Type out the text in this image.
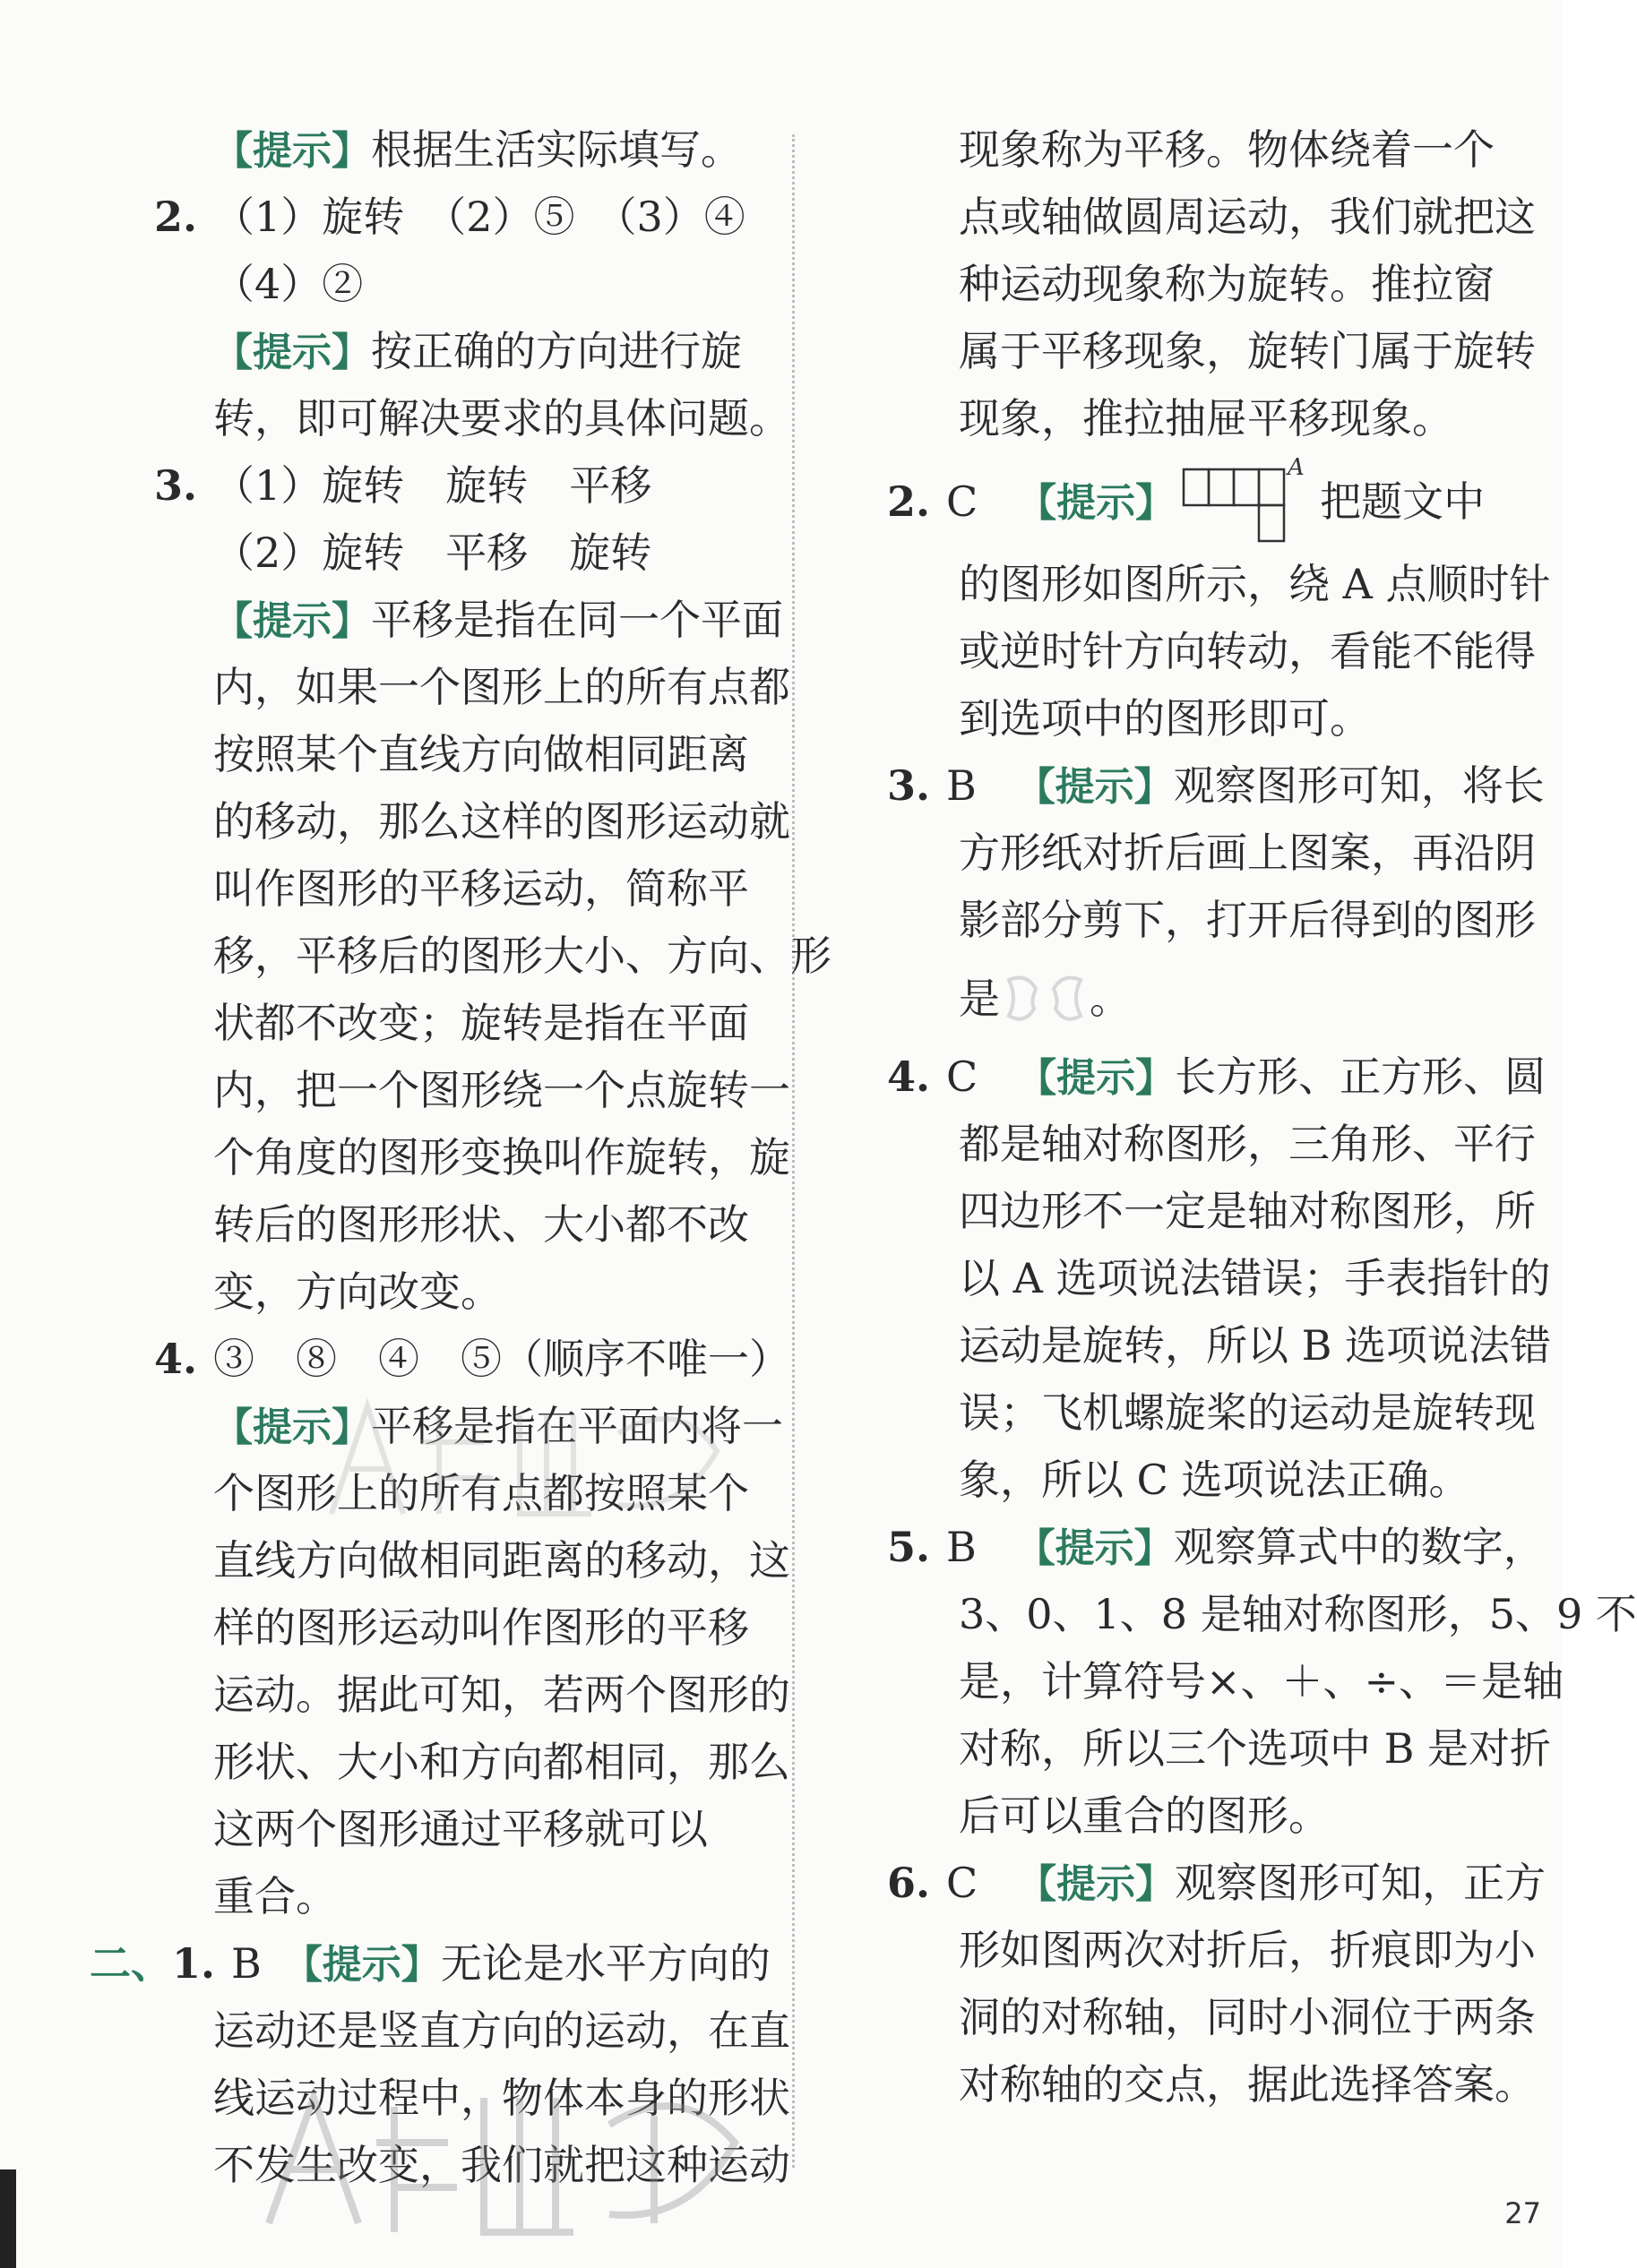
【提示】根据生活实际填写。
2. （1）旋转　（2）⑤　（3）④
（4）②
【提示】按正确的方向进行旋
转，即可解决要求的具体问题。
3. （1）旋转　旋转　平移
（2）旋转　平移　旋转
【提示】平移是指在同一个平面
内，如果一个图形上的所有点都
按照某个直线方向做相同距离
的移动，那么这样的图形运动就
叫作图形的平移运动，简称平
移，平移后的图形大小、方向、形
状都不改变；旋转是指在平面
内，把一个图形绕一个点旋转一
个角度的图形变换叫作旋转，旋
转后的图形形状、大小都不改
变，方向改变。
4. ③　⑧　④　⑤（顺序不唯一）
【提示】平移是指在平面内将一
个图形上的所有点都按照某个
直线方向做相同距离的移动，这
样的图形运动叫作图形的平移
运动。据此可知，若两个图形的
形状、大小和方向都相同，那么
这两个图形通过平移就可以
重合。
二、1. B　【提示】无论是水平方向的
运动还是竖直方向的运动，在直
线运动过程中，物体本身的形状
不发生改变，我们就把这种运动
现象称为平移。物体绕着一个
点或轴做圆周运动，我们就把这
种运动现象称为旋转。推拉窗
属于平移现象，旋转门属于旋转
现象，推拉抽屉平移现象。
2. C 【提示】
A
把题文中
的图形如图所示，绕 A 点顺时针
或逆时针方向转动，看能不能得
到选项中的图形即可。
3. B 【提示】观察图形可知，将长
方形纸对折后画上图案，再沿阴
影部分剪下，打开后得到的图形
是 。
4. C 【提示】长方形、正方形、圆
都是轴对称图形，三角形、平行
四边形不一定是轴对称图形，所
以 A 选项说法错误；手表指针的
运动是旋转，所以 B 选项说法错
误；飞机螺旋桨的运动是旋转现
象，所以 C 选项说法正确。
5. B 【提示】观察算式中的数字，
3、0、1、8 是轴对称图形，5、9 不
是，计算符号×、＋、÷、＝是轴
对称，所以三个选项中 B 是对折
后可以重合的图形。
6. C 【提示】观察图形可知，正方
形如图两次对折后，折痕即为小
洞的对称轴，同时小洞位于两条
对称轴的交点，据此选择答案。
27
